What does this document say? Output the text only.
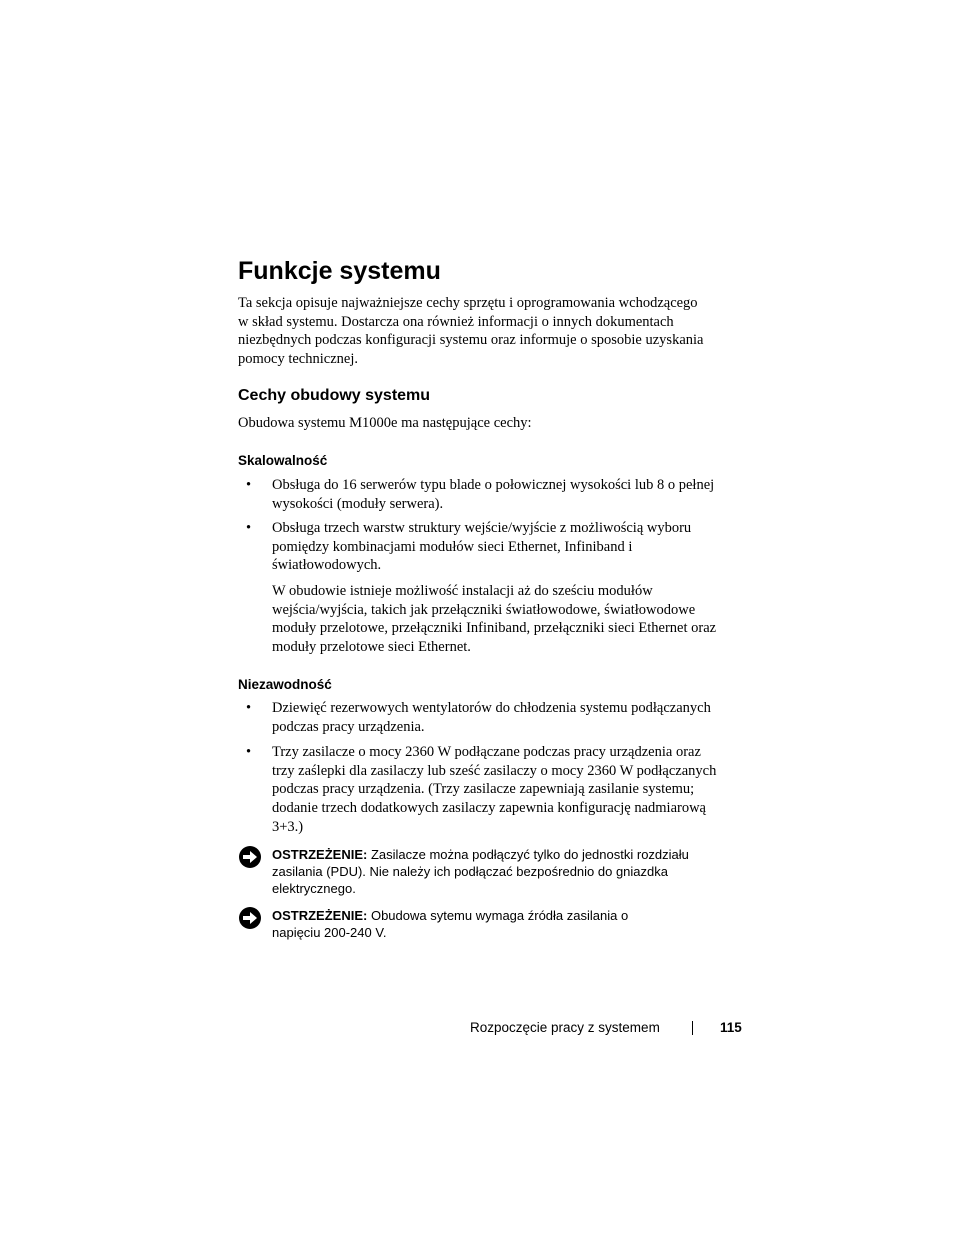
Funkcje systemu

Ta sekcja opisuje najważniejsze cechy sprzętu i oprogramowania wchodzącego
w skład systemu. Dostarcza ona również informacji o innych dokumentach
niezbędnych podczas konfiguracji systemu oraz informuje o sposobie uzyskania
pomocy technicznej.

Cechy obudowy systemu

Obudowa systemu M1000e ma następujące cechy:

Skalowalność
• Obsługa do 16 serwerów typu blade o połowicznej wysokości lub 8 o pełnej
wysokości (moduły serwera).

• Obsługa trzech warstw struktury wejście/wyjście z możliwością wyboru
pomiędzy kombinacjami modułów sieci Ethernet, Infiniband i
światłowodowych.

W obudowie istnieje możliwość instalacji aż do sześciu modułów
wejścia/wyjścia, takich jak przełączniki światłowodowe, światłowodowe
moduły przelotowe, przełączniki Infiniband, przełączniki sieci Ethernet oraz
moduły przelotowe sieci Ethernet.

Niezawodność
• Dziewięć rezerwowych wentylatorów do chłodzenia systemu podłączanych
podczas pracy urządzenia.

• Trzy zasilacze o mocy 2360 W podłączane podczas pracy urządzenia oraz
trzy zaślepki dla zasilaczy lub sześć zasilaczy o mocy 2360 W podłączanych
podczas pracy urządzenia. (Trzy zasilacze zapewniają zasilanie systemu;
dodanie trzech dodatkowych zasilaczy zapewnia konfigurację nadmiarową
3+3.)

OSTRZEŻENIE: Zasilacze można podłączyć tylko do jednostki rozdziału
zasilania (PDU). Nie należy ich podłączać bezpośrednio do gniazdka
elektrycznego.

OSTRZEŻENIE: Obudowa sytemu wymaga źródła zasilania o
napięciu 200-240 V.

Rozpoczęcie pracy z systemem	115
